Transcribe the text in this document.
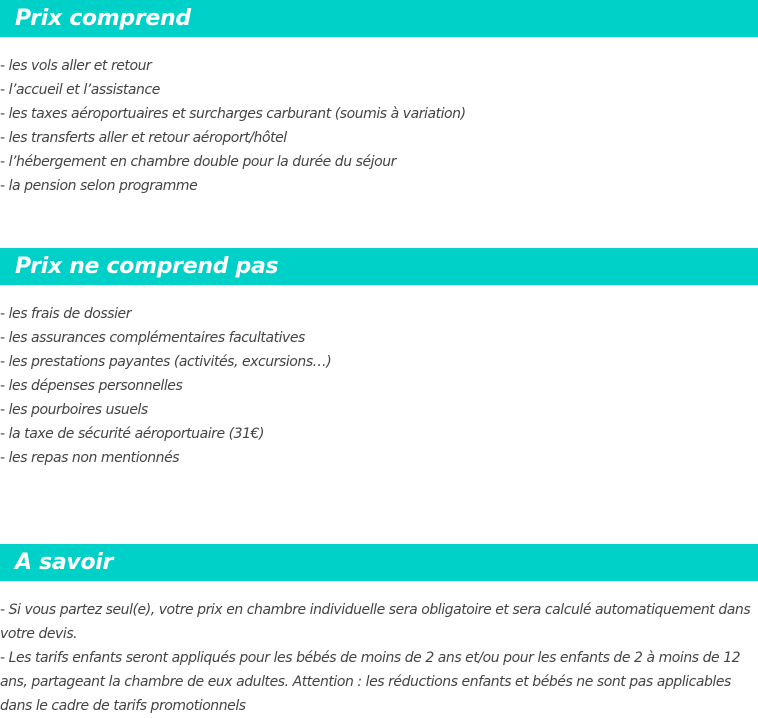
Prix comprend
- les vols aller et retour
- l’accueil et l’assistance
- les taxes aéroportuaires et surcharges carburant (soumis à variation)
- les transferts aller et retour aéroport/hôtel
- l’hébergement en chambre double pour la durée du séjour
- la pension selon programme
Prix ne comprend pas
- les frais de dossier
- les assurances complémentaires facultatives
- les prestations payantes (activités, excursions…)
- les dépenses personnelles
- les pourboires usuels
- la taxe de sécurité aéroportuaire (31€)
- les repas non mentionnés
A savoir

- Si vous partez seul(e), votre prix en chambre individuelle sera obligatoire et sera calculé automatiquement dans votre devis.

- Les tarifs enfants seront appliqués pour les bébés de moins de 2 ans et/ou pour les enfants de 2 à moins de 12 ans, partageant la chambre de eux adultes. Attention : les réductions enfants et bébés ne sont pas applicables dans le cadre de tarifs promotionnels
